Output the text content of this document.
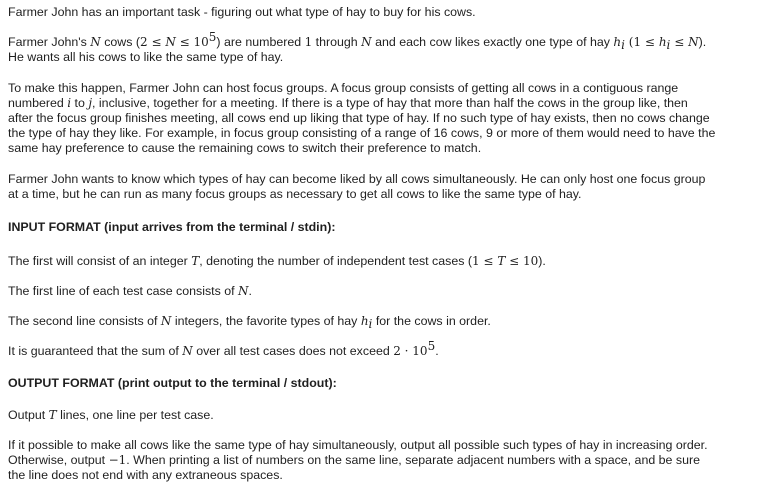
Farmer John has an important task - figuring out what type of hay to buy for his cows.

Farmer John's N cows $(2 \le N \le 10^5)$ are numbered 1 through N and each cow likes exactly one type of hay $h_i$ $(1 \le h_i \le N)$.
He wants all his cows to like the same type of hay.

To make this happen, Farmer John can host focus groups. A focus group consists of getting all cows in a contiguous range
numbered i to j, inclusive, together for a meeting. If there is a type of hay that more than half the cows in the group like, then
after the focus group finishes meeting, all cows end up liking that type of hay. If no such type of hay exists, then no cows change
the type of hay they like. For example, in focus group consisting of a range of 16 cows, 9 or more of them would need to have the
same hay preference to cause the remaining cows to switch their preference to match.

Farmer John wants to know which types of hay can become liked by all cows simultaneously. He can only host one focus group
at a time, but he can run as many focus groups as necessary to get all cows to like the same type of hay.

INPUT FORMAT (input arrives from the terminal / stdin):

The first will consist of an integer T, denoting the number of independent test cases (1 ≤ T ≤ 10).

The first line of each test case consists of N.

The second line consists of N integers, the favorite types of hay $h_i$ for the cows in order.

It is guaranteed that the sum of N over all test cases does not exceed $2 \cdot 10^5$.

OUTPUT FORMAT (print output to the terminal / stdout):

Output T lines, one line per test case.

If it possible to make all cows like the same type of hay simultaneously, output all possible such types of hay in increasing order.
Otherwise, output −1. When printing a list of numbers on the same line, separate adjacent numbers with a space, and be sure
the line does not end with any extraneous spaces.
